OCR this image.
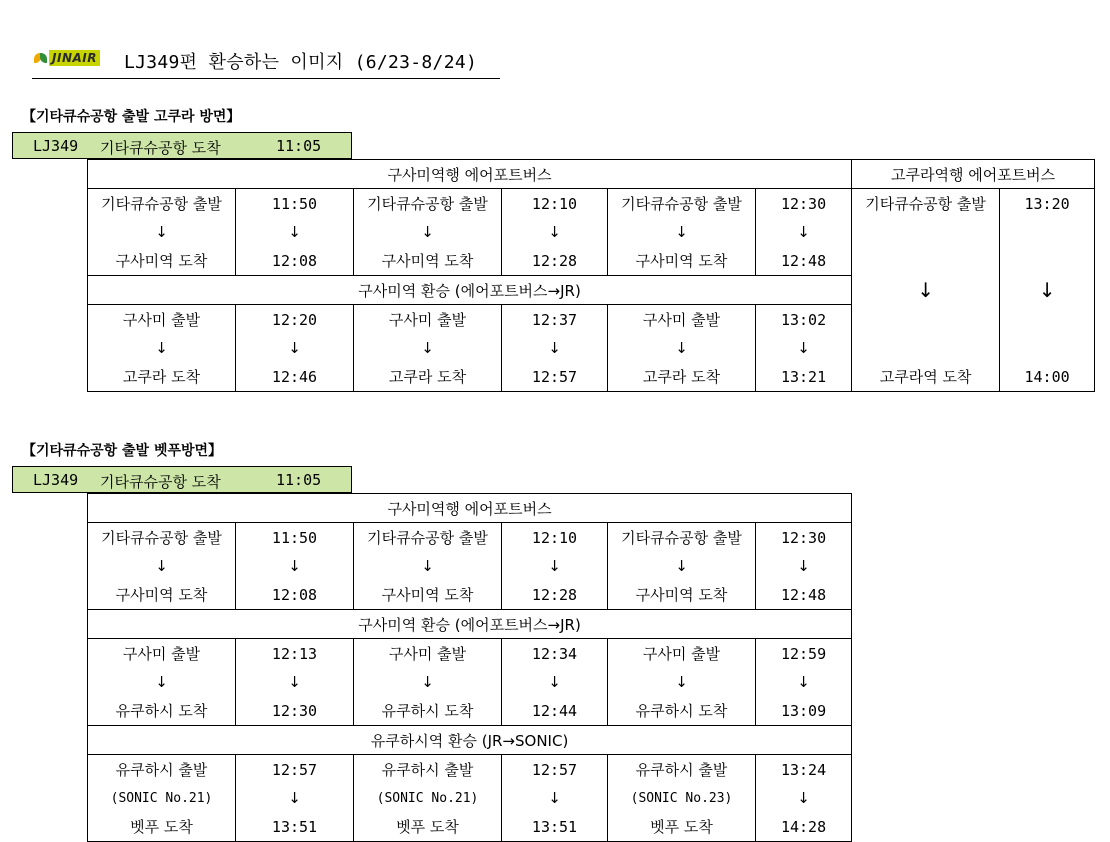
JINAIR LJ349편 환승하는 이미지 (6/23-8/24)
【기타큐슈공항 출발 고쿠라 방면】
LJ349 기타큐슈공항 도착	11:05
구사미역행 에어포트버스						고쿠라역행 에어포트버스	
기타큐슈공항 출발	11:50	기타큐슈공항 출발	12:10	기타큐슈공항 출발	12:30	기타큐슈공항 출발	13:20
↓	↓	↓	↓	↓	↓	↓	↓
구사미역 도착	12:08	구사미역 도착	12:28	구사미역 도착	12:48		
구사미역 환승 (에어포트버스→JR)							
구사미 출발	12:20	구사미 출발	12:37	구사미 출발	13:02		
↓	↓	↓	↓	↓	↓		
고쿠라 도착	12:46	고쿠라 도착	12:57	고쿠라 도착	13:21	고쿠라역 도착	14:00
【기타큐슈공항 출발 벳푸방면】
LJ349 기타큐슈공항 도착	11:05
구사미역행 에어포트버스					
기타큐슈공항 출발	11:50	기타큐슈공항 출발	12:10	기타큐슈공항 출발	12:30
↓	↓	↓	↓	↓	↓
구사미역 도착	12:08	구사미역 도착	12:28	구사미역 도착	12:48
구사미역 환승 (에어포트버스→JR)					
구사미 출발	12:13	구사미 출발	12:34	구사미 출발	12:59
↓	↓	↓	↓	↓	↓
유쿠하시 도착	12:30	유쿠하시 도착	12:44	유쿠하시 도착	13:09
유쿠하시역 환승 (JR→SONIC)					
유쿠하시 출발	12:57	유쿠하시 출발	12:57	유쿠하시 출발	13:24
(SONIC No.21)	↓	(SONIC No.21)	↓	(SONIC No.23)	↓
벳푸 도착	13:51	벳푸 도착	13:51	벳푸 도착	14:28
